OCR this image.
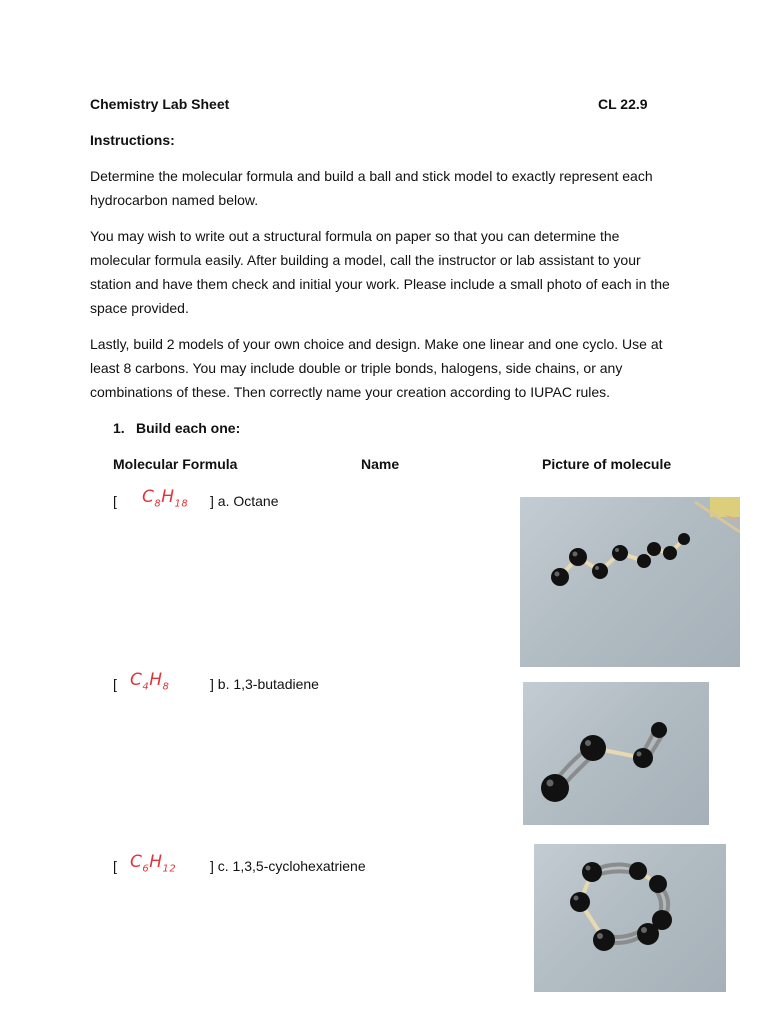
Chemistry Lab Sheet	CL 22.9
Instructions:

Determine the molecular formula and build a ball and stick model to exactly represent each hydrocarbon named below.

You may wish to write out a structural formula on paper so that you can determine the molecular formula easily. After building a model, call the instructor or lab assistant to your station and have them check and initial your work. Please include a small photo of each in the space provided.

Lastly, build 2 models of your own choice and design. Make one linear and one cyclo. Use at least 8 carbons. You may include double or triple bonds, halogens, side chains, or any combinations of these. Then correctly name your creation according to IUPAC rules.

1. Build each one:
Molecular Formula	Name	Picture of molecule
[ $C_8H_{18}$ ] a. Octane
[ $C_4H_8$	] b. 1,3-butadiene
[ $C_6H_{12}$ ] c. 1,3,5-cyclohexatriene
